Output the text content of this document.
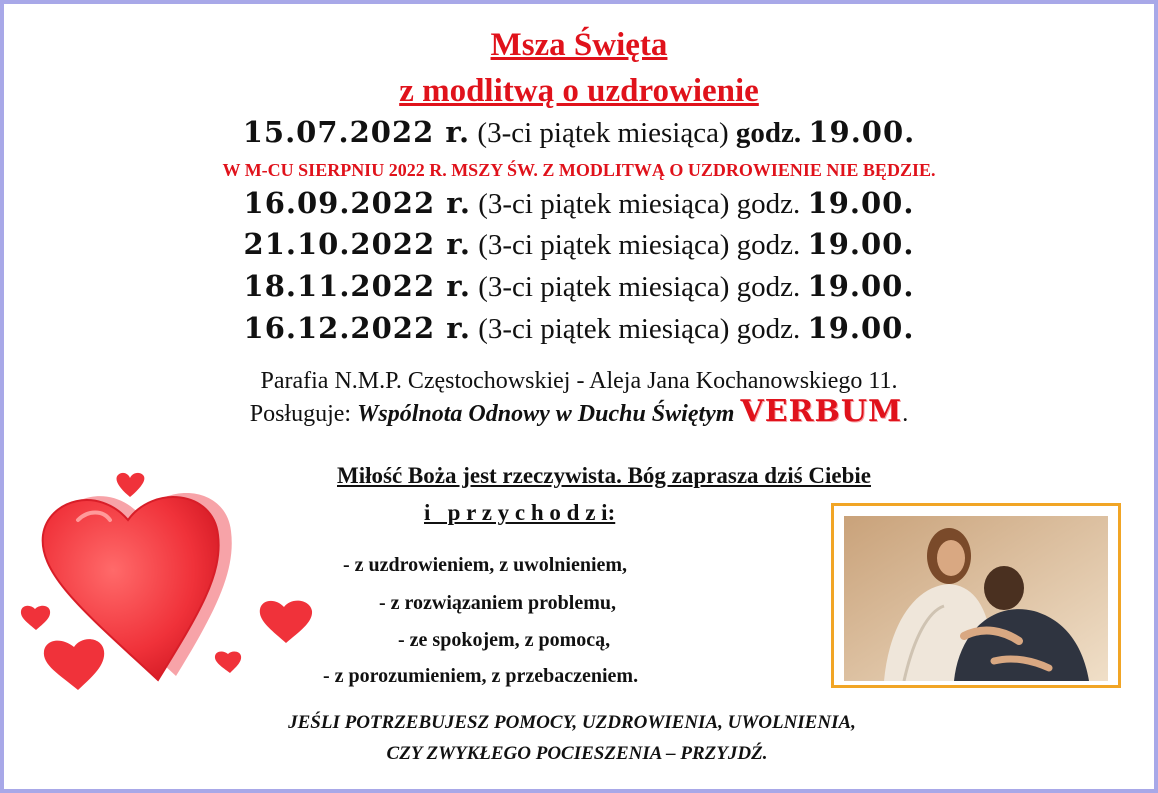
Msza Święta
z modlitwą o uzdrowienie
15.07.2022 r. (3-ci piątek miesiąca) godz. 19.00.
W M-CU SIERPNIU 2022 R. MSZY ŚW. Z MODLITWĄ O UZDROWIENIE NIE BĘDZIE.
16.09.2022 r. (3-ci piątek miesiąca) godz. 19.00.
21.10.2022 r. (3-ci piątek miesiąca) godz. 19.00.
18.11.2022 r. (3-ci piątek miesiąca) godz. 19.00.
16.12.2022 r. (3-ci piątek miesiąca) godz. 19.00.
Parafia N.M.P. Częstochowskiej - Aleja Jana Kochanowskiego 11.
Posługuje: Wspólnota Odnowy w Duchu Świętym VERBUM.
Miłość Boża jest rzeczywista. Bóg zaprasza dziś Ciebie
i   p r z y c h o d z i:
- z uzdrowieniem, z uwolnieniem,
- z rozwiązaniem problemu,
- ze spokojem, z pomocą,
- z porozumieniem, z przebaczeniem.
JEŚLI POTRZEBUJESZ POMOCY, UZDROWIENIA, UWOLNIENIA,
CZY ZWYKŁEGO POCIESZENIA – PRZYJDŹ.
